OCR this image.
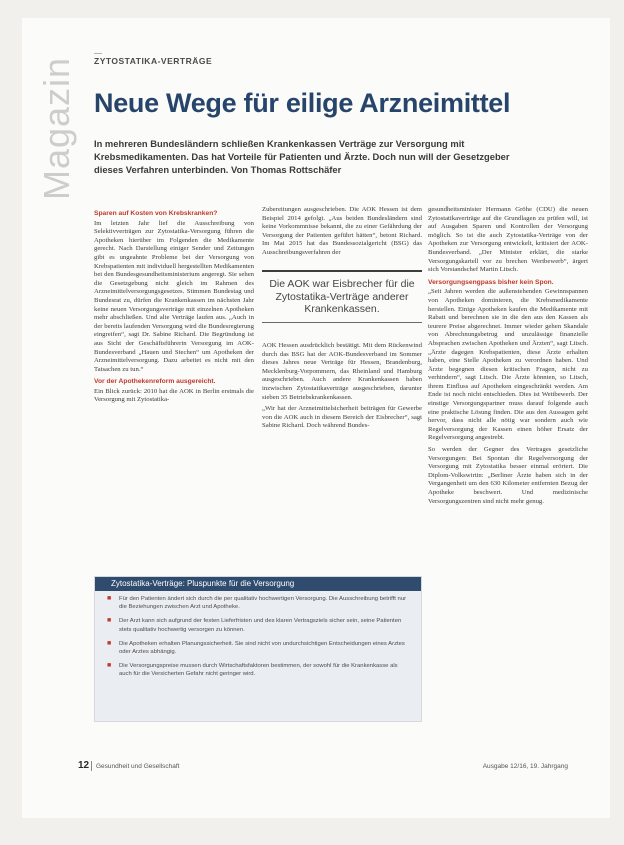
Magazin ZYTOSTATIKA-VERTRÄGE
Neue Wege für eilige Arzneimittel
In mehreren Bundesländern schließen Krankenkassen Verträge zur Versorgung mit Krebsmedikamenten. Das hat Vorteile für Patienten und Ärzte. Doch nun will der Gesetzgeber dieses Verfahren unterbinden. Von Thomas Rottschäfer
Sparen auf Kosten von Krebskranken?

Im letzten Jahr lief die Ausschreibung von Selektivverträgen zur Zytostatika-Versorgung führen die Apotheken hierüber im Folgenden die Medikamente gerecht. Nach Darstellung einiger Sender und Zeitungen gibt es ungeahnte Probleme bei der Versorgung von Krebspatienten mit individuell hergestellten Medikamenten bei den Bundesgesundheitsministerium angeregt. Sie sehen die Gesetzgebung nicht gleich im Rahmen des Arzneimittelversorgungsgesetzes. Stimmen Bundestag und Bundesrat zu, dürfen die Krankenkassen im nächsten Jahr keine neuen Versorgungsverträge mit einzelnen Apotheken mehr abschließen. Und alte Verträge laufen aus. „Auch in der bereits laufenden Versorgung wird die Bundesregierung eingreifen“, sagt Dr. Sabine Richard. Die Begründung ist aus Sicht der Geschäftsführerin Versorgung im AOK-Bundesverband „Hauen und Stechen“ um Apotheken der Arzneimittelversorgung. Dazu arbeitet es nicht mit den Tatsachen zu tun.“

Vor der Apothekenreform ausgereicht.

Ein Blick zurück: 2010 hat die AOK in Berlin erstmals die Versorgung mit Zytostatika-

Zubereitungen ausgeschrieben. Die AOK Hessen ist dem Beispiel 2014 gefolgt. „Aus beiden Bundesländern sind keine Vorkommnisse bekannt, die zu einer Gefährdung der Versorgung der Patienten geführt hätten“, betont Richard. Im Mai 2015 hat das Bundessozialgericht (BSG) das Ausschreibungsverfahren der

Die AOK war Eisbrecher für die Zytostatika-Verträge anderer Krankenkassen.

AOK Hessen ausdrücklich bestätigt. Mit dem Rückenwind durch das BSG hat der AOK-Bundesverband im Sommer dieses Jahres neue Verträge für Hessen, Brandenburg, Mecklenburg-Vorpommern, das Rheinland und Hamburg ausgeschrieben. Auch andere Krankenkassen haben inzwischen Zytostatikaverträge ausgeschrieben, darunter sieben 35 Betriebskrankenkassen.

„Wir hat der Arzneimittelsicherheit beiträgen für Gewerbe von die AOK auch in diesem Bereich der Eisbrecher“, sagt Sabine Richard. Doch während Bundes-

gesundheitsminister Hermann Gröhe (CDU) die neuen Zytostatikaverträge auf die Grundlagen zu prüfen will, ist auf Ausgaben Sparen und Kontrollen der Versorgung möglich. So ist die auch Zytostatika-Verträge von der Apotheken zur Versorgung entwickelt, kritisiert der AOK-Bundesverband. „Der Minister erklärt, die starke Versorgungskartell vor zu brechen Wertbewerb“, ärgert sich Vorstandschef Martin Litsch.

Versorgungsengpass bisher kein Spon.

„Seit Jahren werden die außenstehenden Gewinnspannen von Apotheken dominieren, die Krebsmedikamente herstellen. Einige Apotheken kaufen die Medikamente mit Rabatt und berechnen sie in die den aus den Kassen als teurere Preise abgerechnet. Immer wieder gehen Skandale von Abrechnungsbetrug und unzulässige finanzielle Absprachen zwischen Apotheken und Ärzten“, sagt Litsch. „Ärzte dagegen Krebspatienten, diese Ärzte erhalten haben, eine Stelle Apotheken zu verordnen haben. Und Ärzte begegnen diesen kritischen Fragen, nicht zu verhindern“, sagt Litsch. Die Ärzte könnten, so Litsch, ihrem Einfluss auf Apotheken eingeschränkt werden. Am Ende ist noch nicht entschieden. Dies ist Wettbewerb. Der einstige Versorgungspartner muss darauf folgende auch eine praktische Lösung finden. Die aus den Aussagen geht hervor, dass nicht alle nötig war sondern auch wie Regelversorgung der Kassen einen höher Ersatz der Regelversorgung angestrebt.

So werden der Gegner des Vertrages gesetzliche Versorgungen: Bei Spontan die Regelversorgung der Versorgung mit Zytostatika besser einmal erörtert. Die Diplom-Volkswirtin: „Berliner Ärzte haben sich in der Vergangenheit um den 630 Kilometer entfernten Bezug der Apotheke beschwert. Und medizinische Versorgungszentren sind nicht mehr genug.

Zytostatika-Verträge: Pluspunkte für die Versorgung
■ Für den Patienten ändert sich durch die per qualitativ hochwertigen Versorgung. Die Ausschreibung betrifft nur die Beziehungen zwischen Arzt und Apotheke.
■ Der Arzt kann sich aufgrund der festen Lieferfristen und des klaren Vertragsziels sicher sein, seine Patienten stets qualitativ hochwertig versorgen zu können.
■ Die Apotheken erhalten Planungssicherheit. Sie sind nicht von undurchsichtigen Entscheidungen eines Arztes oder Arztes abhängig.
■ Die Versorgungspreise mussen durch Wirtschaftsfaktoren bestimmen, der sowohl für die Krankenkasse als auch für die Versicherten Gefahr nicht geringer wird.
12 Gesundheit und Gesellschaft	Ausgabe 12/16, 19. Jahrgang
